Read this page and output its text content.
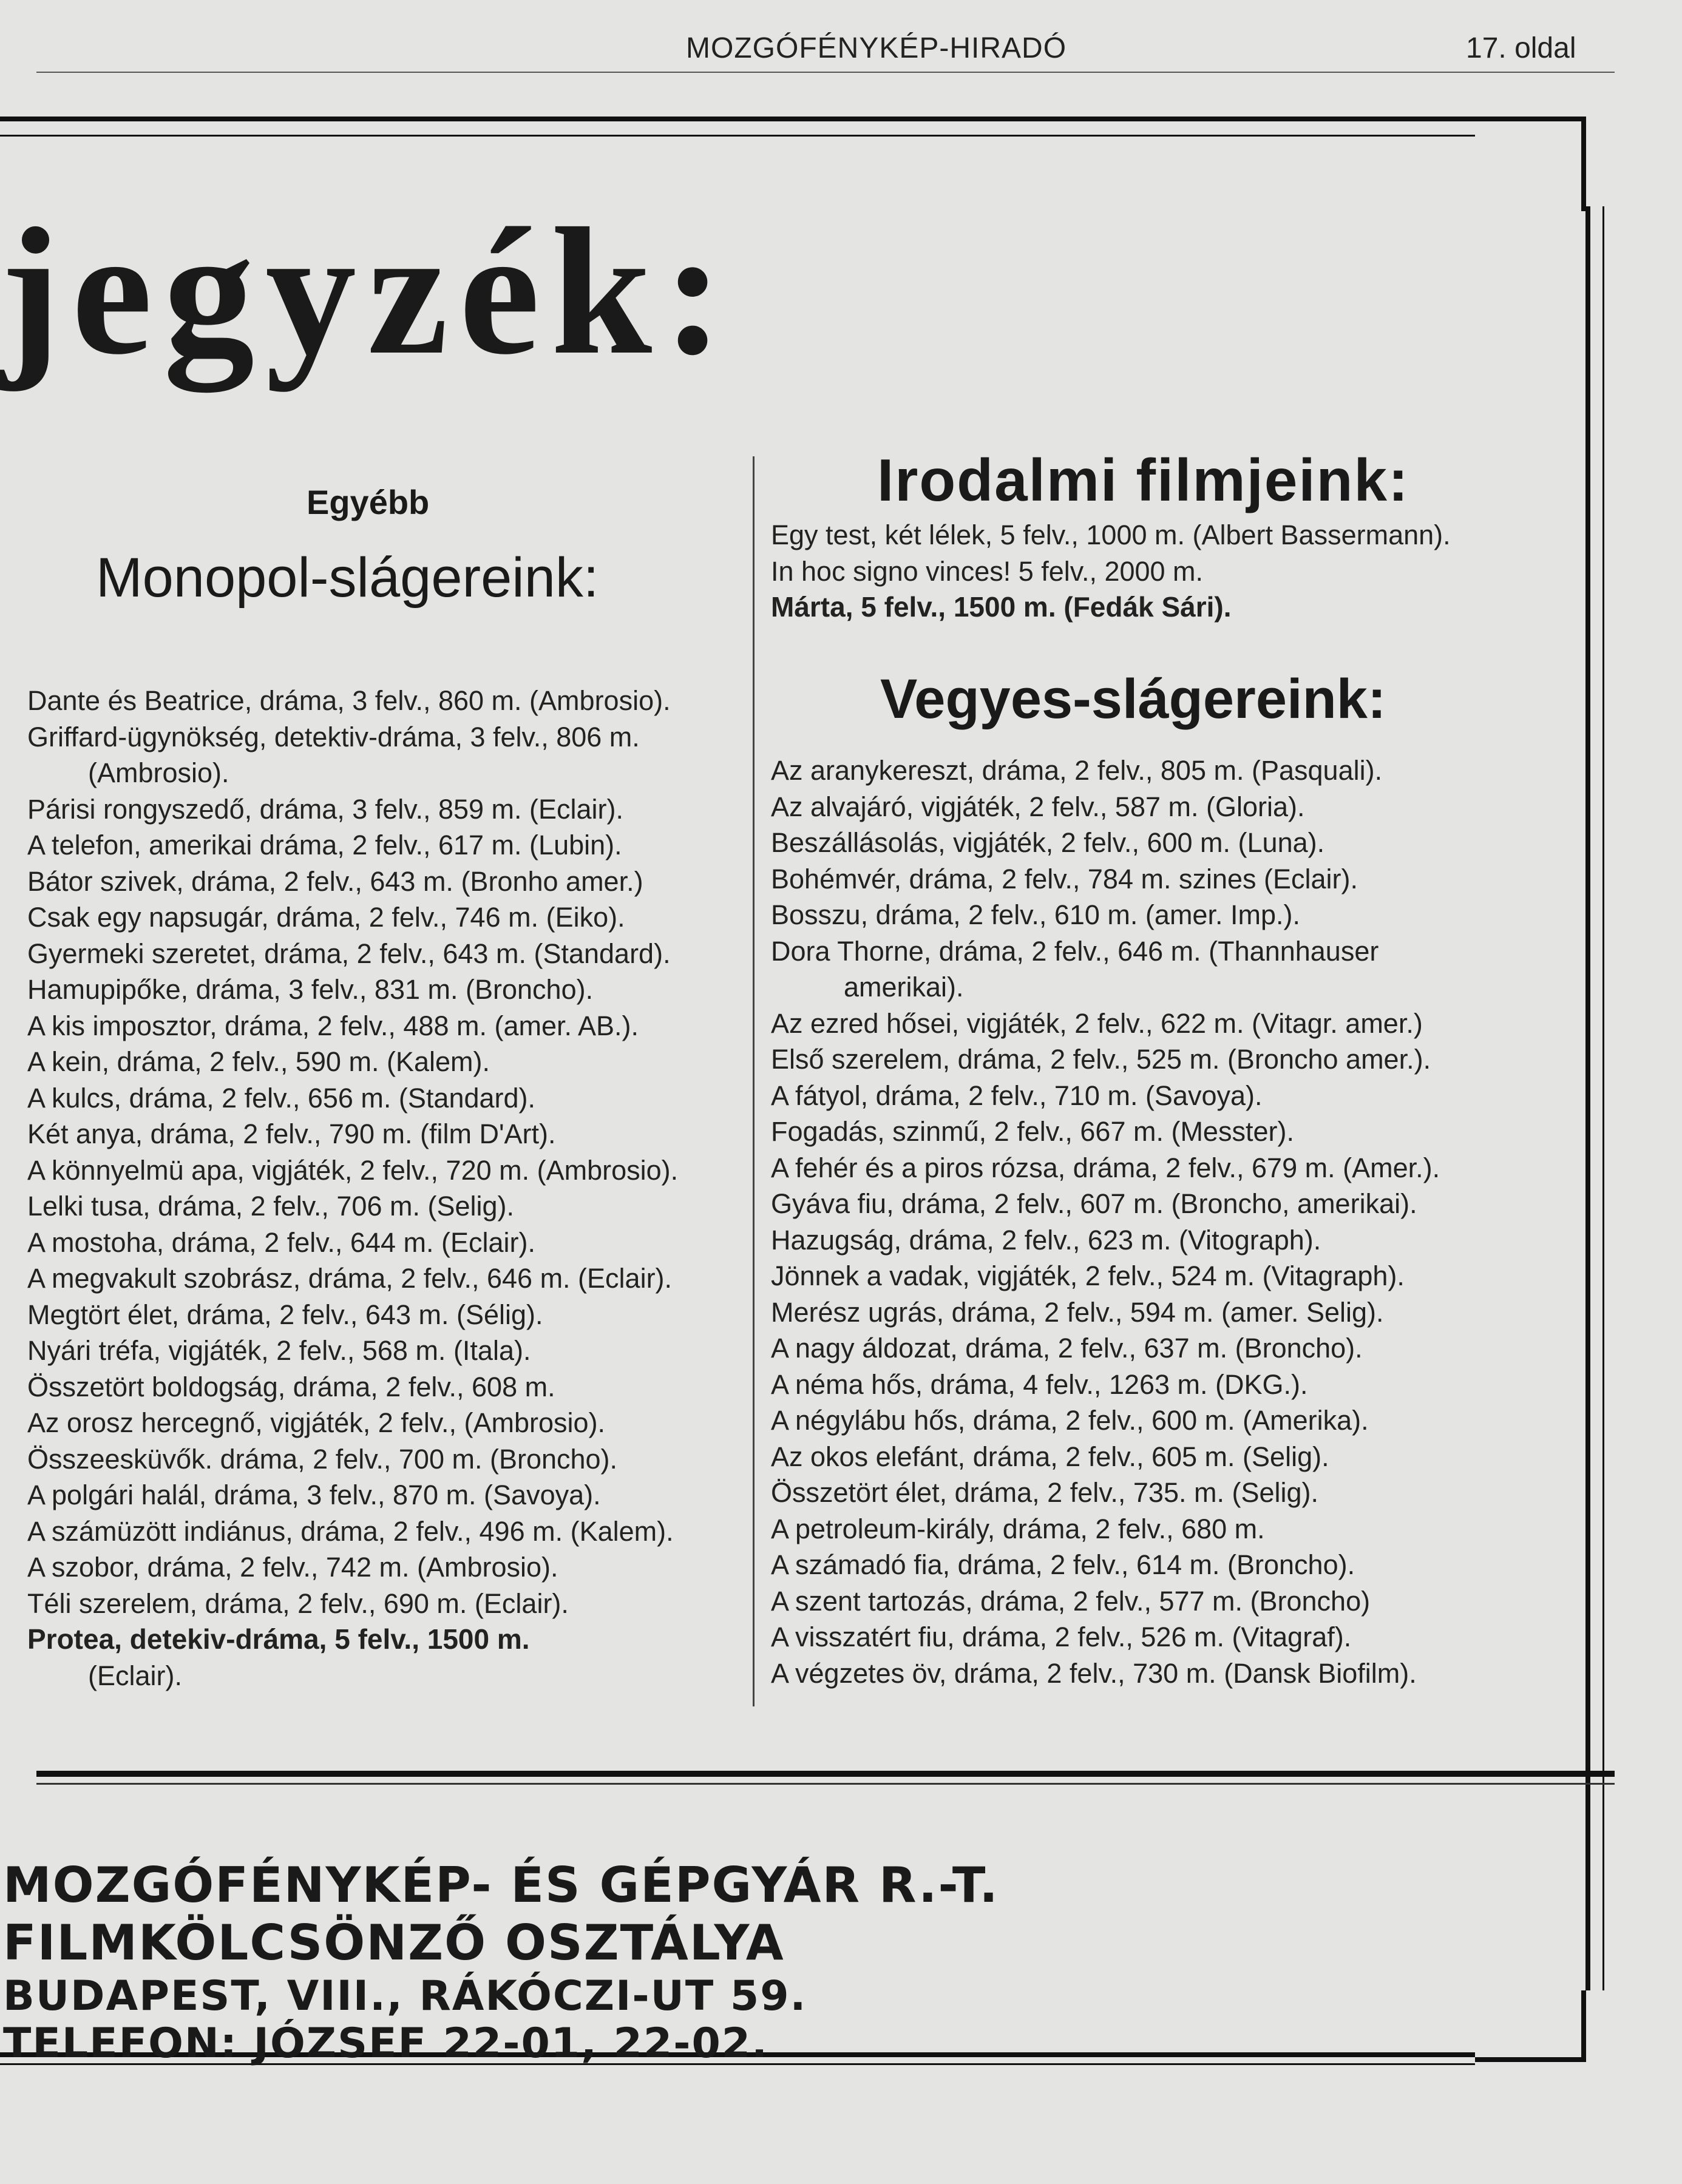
MOZGÓFÉNYKÉP-HIRADÓ	17. oldal
jegyzék:
Egyébb
Monopol-slágereink:
Dante és Beatrice, dráma, 3 felv., 860 m. (Ambrosio).
Griffard-ügynökség, detektiv-dráma, 3 felv., 806 m.
(Ambrosio).
Párisi rongyszedő, dráma, 3 felv., 859 m. (Eclair).
A telefon, amerikai dráma, 2 felv., 617 m. (Lubin).
Bátor szivek, dráma, 2 felv., 643 m. (Bronho amer.)
Csak egy napsugár, dráma, 2 felv., 746 m. (Eiko).
Gyermeki szeretet, dráma, 2 felv., 643 m. (Standard).
Hamupipőke, dráma, 3 felv., 831 m. (Broncho).
A kis imposztor, dráma, 2 felv., 488 m. (amer. AB.).
A kein, dráma, 2 felv., 590 m. (Kalem).
A kulcs, dráma, 2 felv., 656 m. (Standard).
Két anya, dráma, 2 felv., 790 m. (film D'Art).
A könnyelmü apa, vigjáték, 2 felv., 720 m. (Ambrosio).
Lelki tusa, dráma, 2 felv., 706 m. (Selig).
A mostoha, dráma, 2 felv., 644 m. (Eclair).
A megvakult szobrász, dráma, 2 felv., 646 m. (Eclair).
Megtört élet, dráma, 2 felv., 643 m. (Sélig).
Nyári tréfa, vigjáték, 2 felv., 568 m. (Itala).
Összetört boldogság, dráma, 2 felv., 608 m.
Az orosz hercegnő, vigjáték, 2 felv., (Ambrosio).
Összeesküvők. dráma, 2 felv., 700 m. (Broncho).
A polgári halál, dráma, 3 felv., 870 m. (Savoya).
A számüzött indiánus, dráma, 2 felv., 496 m. (Kalem).
A szobor, dráma, 2 felv., 742 m. (Ambrosio).
Téli szerelem, dráma, 2 felv., 690 m. (Eclair).
Protea, detekiv-dráma, 5 felv., 1500 m.
(Eclair).
Irodalmi filmjeink:
Egy test, két lélek, 5 felv., 1000 m. (Albert Bassermann).
In hoc signo vinces! 5 felv., 2000 m.
Márta, 5 felv., 1500 m. (Fedák Sári).
Vegyes-slágereink:
Az aranykereszt, dráma, 2 felv., 805 m. (Pasquali).
Az alvajáró, vigjáték, 2 felv., 587 m. (Gloria).
Beszállásolás, vigjáték, 2 felv., 600 m. (Luna).
Bohémvér, dráma, 2 felv., 784 m. szines (Eclair).
Bosszu, dráma, 2 felv., 610 m. (amer. Imp.).
Dora Thorne, dráma, 2 felv., 646 m. (Thannhauser
amerikai).
Az ezred hősei, vigjáték, 2 felv., 622 m. (Vitagr. amer.)
Első szerelem, dráma, 2 felv., 525 m. (Broncho amer.).
A fátyol, dráma, 2 felv., 710 m. (Savoya).
Fogadás, szinmű, 2 felv., 667 m. (Messter).
A fehér és a piros rózsa, dráma, 2 felv., 679 m. (Amer.).
Gyáva fiu, dráma, 2 felv., 607 m. (Broncho, amerikai).
Hazugság, dráma, 2 felv., 623 m. (Vitograph).
Jönnek a vadak, vigjáték, 2 felv., 524 m. (Vitagraph).
Merész ugrás, dráma, 2 felv., 594 m. (amer. Selig).
A nagy áldozat, dráma, 2 felv., 637 m. (Broncho).
A néma hős, dráma, 4 felv., 1263 m. (DKG.).
A négylábu hős, dráma, 2 felv., 600 m. (Amerika).
Az okos elefánt, dráma, 2 felv., 605 m. (Selig).
Összetört élet, dráma, 2 felv., 735. m. (Selig).
A petroleum-király, dráma, 2 felv., 680 m.
A számadó fia, dráma, 2 felv., 614 m. (Broncho).
A szent tartozás, dráma, 2 felv., 577 m. (Broncho)
A visszatért fiu, dráma, 2 felv., 526 m. (Vitagraf).
A végzetes öv, dráma, 2 felv., 730 m. (Dansk Biofilm).
MOZGÓFÉNYKÉP- ÉS GÉPGYÁR R.-T.
FILMKÖLCSÖNZŐ OSZTÁLYA
BUDAPEST, VIII., RÁKÓCZI-UT 59.
TELEFON: JÓZSEF 22-01, 22-02.
